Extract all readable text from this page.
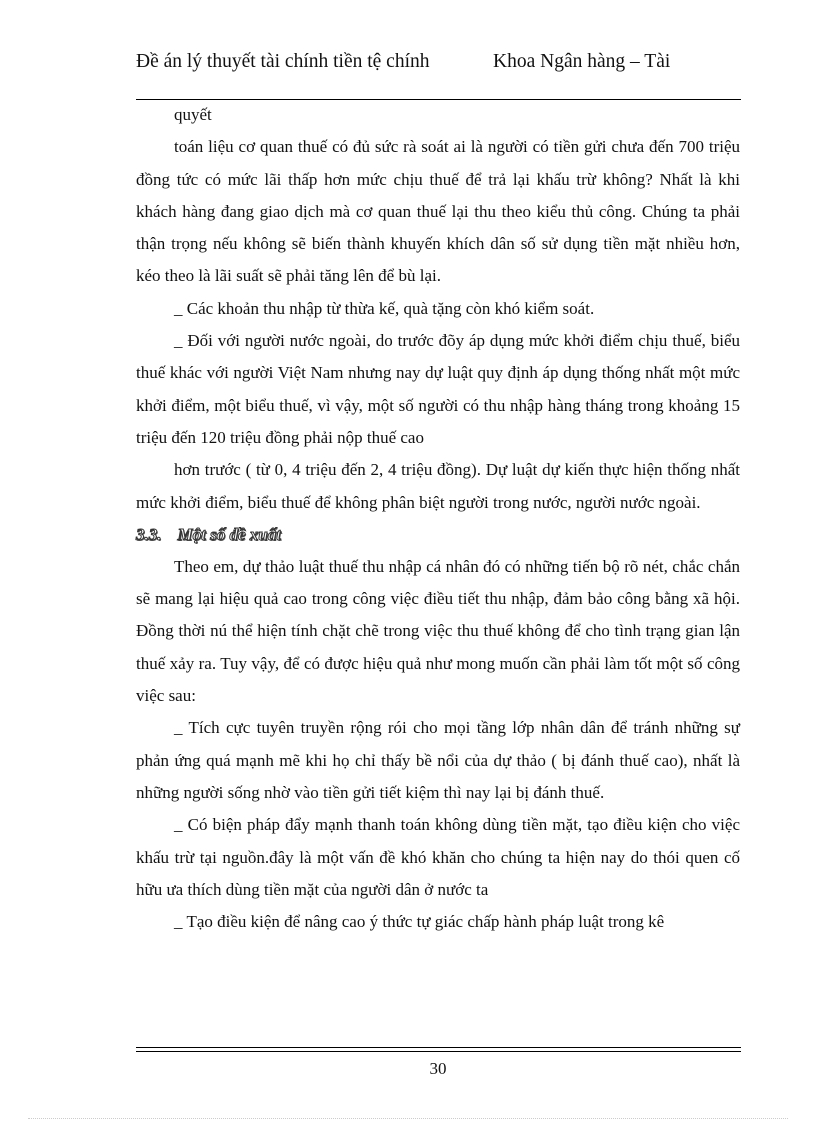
Đề án lý thuyết tài chính tiền tệ chính	Khoa Ngân hàng – Tài

quyết

toán liệu cơ quan thuế có đủ sức rà soát ai là người có tiền gửi chưa đến 700 triệu đồng tức có mức lãi thấp hơn mức chịu thuế để trả lại khấu trừ không? Nhất là khi khách hàng đang giao dịch mà cơ quan thuế lại thu theo kiểu thủ công. Chúng ta phải thận trọng nếu không sẽ biến thành khuyến khích dân số sử dụng tiền mặt nhiều hơn, kéo theo là lãi suất sẽ phải tăng lên để bù lại.

_ Các khoản thu nhập từ thừa kế, quà tặng còn khó kiểm soát.

_ Đối với người nước ngoài, do trước đõy áp dụng mức khởi điểm chịu thuế, biểu thuế khác với người Việt Nam nhưng nay dự luật quy định áp dụng thống nhất một mức khởi điểm, một biểu thuế, vì vậy, một số người có thu nhập hàng tháng trong khoảng 15 triệu đến 120 triệu đồng phải nộp thuế cao

hơn trước ( từ 0, 4 triệu đến 2, 4 triệu đồng). Dự luật dự kiến thực hiện thống nhất mức khởi điểm, biểu thuế để không phân biệt người trong nước, người nước ngoài.

3.3. Một số đề xuất

Theo em, dự thảo luật thuế thu nhập cá nhân đó có những tiến bộ rõ nét, chắc chắn sẽ mang lại hiệu quả cao trong công việc điều tiết thu nhập, đảm bảo công bằng xã hội. Đồng thời nú thể hiện tính chặt chẽ trong việc thu thuế không để cho tình trạng gian lận thuế xảy ra. Tuy vậy, để có được hiệu quả như mong muốn cần phải làm tốt một số công việc sau:

_ Tích cực tuyên truyền rộng rói cho mọi tầng lớp nhân dân để tránh những sự phản ứng quá mạnh mẽ khi họ chỉ thấy bề nổi của dự thảo ( bị đánh thuế cao), nhất là những người sống nhờ vào tiền gửi tiết kiệm thì nay lại bị đánh thuế.

_ Có biện pháp đẩy mạnh thanh toán không dùng tiền mặt, tạo điều kiện cho việc khấu trừ tại nguồn.đây là một vấn đề khó khăn cho chúng ta hiện nay do thói quen cố hữu ưa thích dùng tiền mặt của người dân ở nước ta

_ Tạo điều kiện để nâng cao ý thức tự giác chấp hành pháp luật trong kê

30
